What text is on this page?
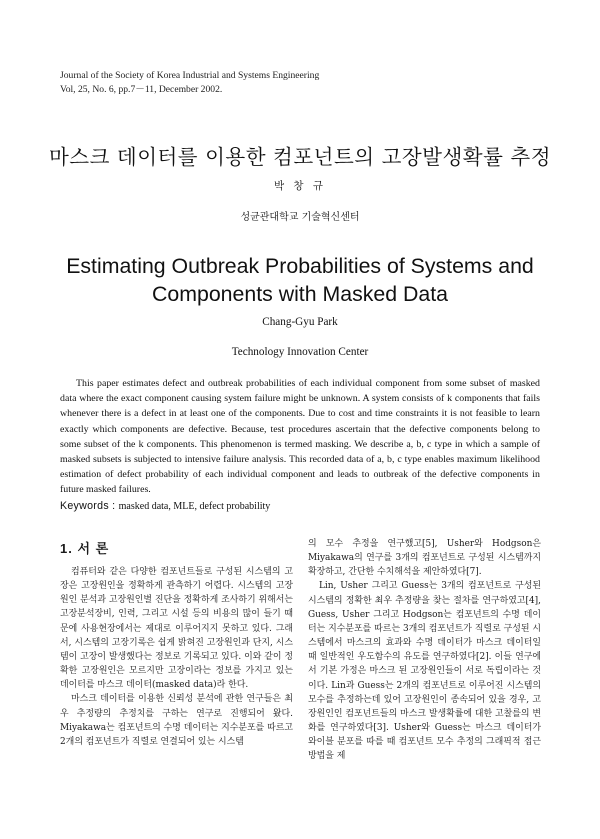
Journal of the Society of Korea Industrial and Systems Engineering
Vol, 25, No. 6, pp.7－11, December 2002.
마스크 데이터를 이용한 컴포넌트의 고장발생확률 추정
박 창 규
성균관대학교 기술혁신센터
Estimating Outbreak Probabilities of Systems and
Components with Masked Data
Chang-Gyu Park
Technology Innovation Center

This paper estimates defect and outbreak probabilities of each individual component from some subset of masked data where the exact component causing system failure might be unknown. A system consists of k components that fails whenever there is a defect in at least one of the components. Due to cost and time constraints it is not feasible to learn exactly which components are defective. Because, test procedures ascertain that the defective components belong to some subset of the k components. This phenomenon is termed masking. We describe a, b, c type in which a sample of masked subsets is subjected to intensive failure analysis. This recorded data of a, b, c type enables maximum likelihood estimation of defect probability of each individual component and leads to outbreak of the defective components in future masked failures.

Keywords : masked data, MLE, defect probability
1. 서 론

컴퓨터와 같은 다양한 컴포넌트들로 구성된 시스템의 고장은 고장원인을 정확하게 관측하기 어렵다. 시스템의 고장원인 분석과 고장원인별 진단을 정확하게 조사하기 위해서는 고장분석장비, 인력, 그리고 시설 등의 비용의 많이 들기 때문에 사용현장에서는 제대로 이루어지지 못하고 있다. 그래서, 시스템의 고장기록은 쉽게 밝혀진 고장원인과 단지, 시스템이 고장이 발생했다는 정보로 기록되고 있다. 이와 같이 정확한 고장원인은 모르지만 고장이라는 정보를 가지고 있는 데이터를 마스크 데이터(masked data)라 한다.

마스크 데이터를 이용한 신뢰성 분석에 관한 연구들은 최우 추정량의 추정치를 구하는 연구로 진행되어 왔다. Miyakawa는 컴포넌트의 수명 데이터는 지수분포를 따르고 2개의 컴포넌트가 직렬로 연결되어 있는 시스템

의 모수 추정을 연구했고[5], Usher와 Hodgson은 Miyakawa의 연구를 3개의 컴포넌트로 구성된 시스템까지 확장하고, 간단한 수치해석을 제안하였다[7].

Lin, Usher 그리고 Guess는 3개의 컴포넌트로 구성된 시스템의 정확한 최우 추정량을 찾는 절차를 연구하였고[4], Guess, Usher 그리고 Hodgson는 컴포넌트의 수명 데이터는 지수분포를 따르는 3개의 컴포넌트가 직렬로 구성된 시스템에서 마스크의 효과와 수명 데이터가 마스크 데이터일 때 일반적인 우도함수의 유도를 연구하였다[2]. 이들 연구에서 기본 가정은 마스크 된 고장원인들이 서로 독립이라는 것이다. Lin과 Guess는 2개의 컴포넌트로 이루어진 시스템의 모수를 추정하는데 있어 고장원인이 종속되어 있을 경우, 고장원인인 컴포넌트들의 마스크 발생확률에 대한 고찰를의 변화를 연구하였다[3]. Usher와 Guess는 마스크 데이터가 와이블 분포를 따를 때 컴포넌트 모수 추정의 그래픽적 접근방법을 제
